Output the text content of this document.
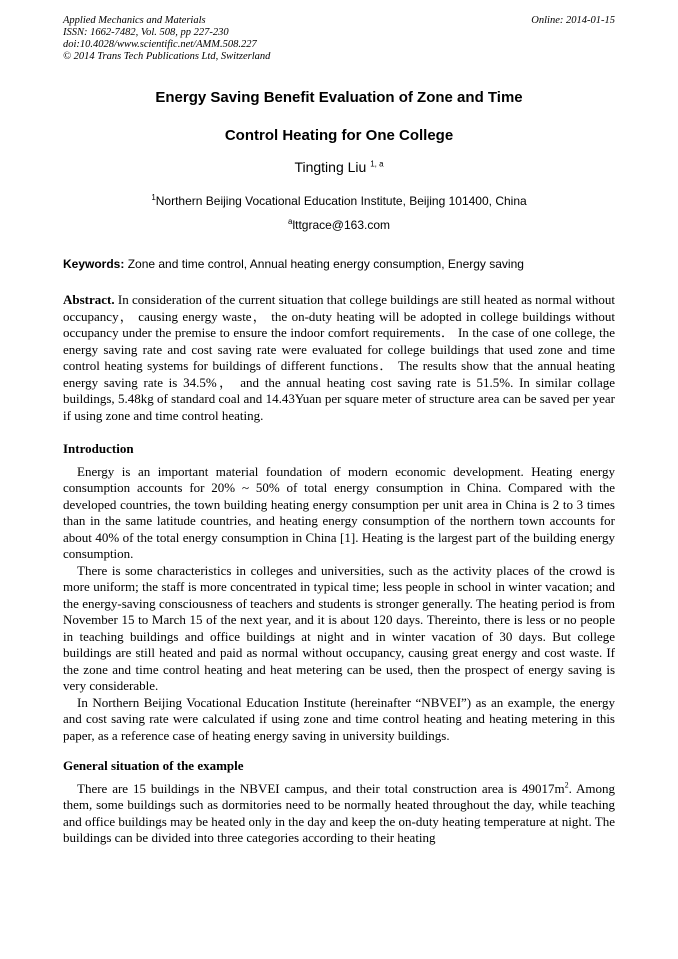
Applied Mechanics and Materials
ISSN: 1662-7482, Vol. 508, pp 227-230
doi:10.4028/www.scientific.net/AMM.508.227
© 2014 Trans Tech Publications Ltd, Switzerland
Online: 2014-01-15
Energy Saving Benefit Evaluation of Zone and Time
Control Heating for One College
Tingting Liu $^{1, a}$
$^1$Northern Beijing Vocational Education Institute, Beijing 101400, China
$^a$lttgrace@163.com
Keywords: Zone and time control, Annual heating energy consumption, Energy saving

Abstract. In consideration of the current situation that college buildings are still heated as normal without occupancy， causing energy waste， the on-duty heating will be adopted in college buildings without occupancy under the premise to ensure the indoor comfort requirements． In the case of one college, the energy saving rate and cost saving rate were evaluated for college buildings that used zone and time control heating systems for buildings of different functions． The results show that the annual heating energy saving rate is 34.5%， and the annual heating cost saving rate is 51.5%. In similar collage buildings, 5.48kg of standard coal and 14.43Yuan per square meter of structure area can be saved per year if using zone and time control heating.

Introduction

Energy is an important material foundation of modern economic development. Heating energy consumption accounts for 20% ~ 50% of total energy consumption in China. Compared with the developed countries, the town building heating energy consumption per unit area in China is 2 to 3 times than in the same latitude countries, and heating energy consumption of the northern town accounts for about 40% of the total energy consumption in China [1]. Heating is the largest part of the building energy consumption.

There is some characteristics in colleges and universities, such as the activity places of the crowd is more uniform; the staff is more concentrated in typical time; less people in school in winter vacation; and the energy-saving consciousness of teachers and students is stronger generally. The heating period is from November 15 to March 15 of the next year, and it is about 120 days. Thereinto, there is less or no people in teaching buildings and office buildings at night and in winter vacation of 30 days. But college buildings are still heated and paid as normal without occupancy, causing great energy and cost waste. If the zone and time control heating and heat metering can be used, then the prospect of energy saving is very considerable.

In Northern Beijing Vocational Education Institute (hereinafter “NBVEI”) as an example, the energy and cost saving rate were calculated if using zone and time control heating and heating metering in this paper, as a reference case of heating energy saving in university buildings.

General situation of the example

There are 15 buildings in the NBVEI campus, and their total construction area is $49017m^2$. Among them, some buildings such as dormitories need to be normally heated throughout the day, while teaching and office buildings may be heated only in the day and keep the on-duty heating temperature at night. The buildings can be divided into three categories according to their heating
